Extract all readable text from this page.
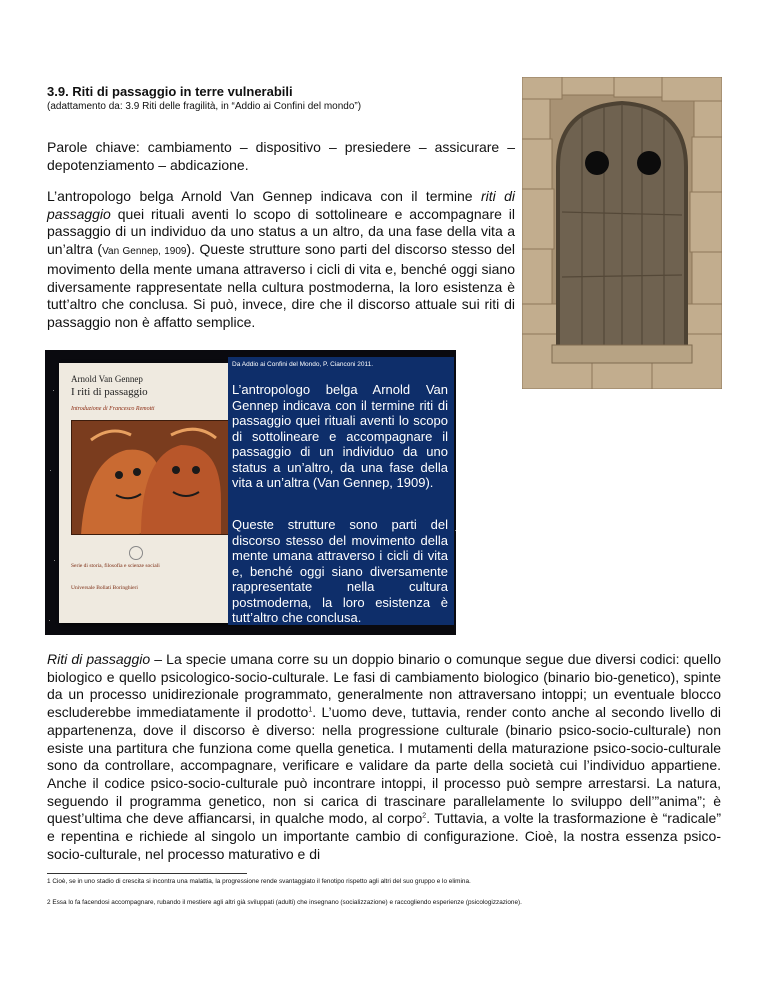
3.9. Riti di passaggio in terre vulnerabili
(adattamento da: 3.9 Riti delle fragilità, in “Addio ai Confini del mondo”)
Parole chiave: cambiamento – dispositivo – presiedere – assicurare – depotenziamento – abdicazione.
L’antropologo belga Arnold Van Gennep indicava con il termine riti di passaggio quei rituali aventi lo scopo di sottolineare e accompagnare il passaggio di un individuo da uno status a un altro, da una fase della vita a un’altra (Van Gennep, 1909). Queste strutture sono parti del discorso stesso del movimento della mente umana attraverso i cicli di vita e, benché oggi siano diversamente rappresentate nella cultura postmoderna, la loro esistenza è tutt’altro che conclusa. Si può, invece, dire che il discorso attuale sui riti di passaggio non è affatto semplice.
Arnold Van Gennep
I riti di passaggio
Introduzione di Francesco Remotti
Serie di storia, filosofia e scienze sociali
Universale Bollati Boringhieri
Da Addio ai Confini del Mondo, P. Cianconi 2011.
L’antropologo belga Arnold Van Gennep indicava con il termine riti di passaggio quei rituali aventi lo scopo di sottolineare e accompagnare il passaggio di un individuo da uno status a un’altro, da una fase della vita a un’altra (Van Gennep, 1909).
Queste strutture sono parti del discorso stesso del movimento della mente umana attraverso i cicli di vita e, benché oggi siano diversamente rappresentate nella cultura postmoderna, la loro esistenza è tutt’altro che conclusa.
Riti di passaggio – La specie umana corre su un doppio binario o comunque segue due diversi codici: quello biologico e quello psicologico-socio-culturale. Le fasi di cambiamento biologico (binario bio-genetico), spinte da un processo unidirezionale programmato, generalmente non attraversano intoppi; un eventuale blocco escluderebbe immediatamente il prodotto$^1$. L’uomo deve, tuttavia, render conto anche al secondo livello di appartenenza, dove il discorso è diverso: nella progressione culturale (binario psico-socio-culturale) non esiste una partitura che funziona come quella genetica. I mutamenti della maturazione psico-socio-culturale sono da controllare, accompagnare, verificare e validare da parte della società cui l’individuo appartiene. Anche il codice psico-socio-culturale può incontrare intoppi, il processo può sempre arrestarsi. La natura, seguendo il programma genetico, non si carica di trascinare parallelamente lo sviluppo dell’”anima”; è quest’ultima che deve affiancarsi, in qualche modo, al corpo$^2$. Tuttavia, a volte la trasformazione è “radicale” e repentina e richiede al singolo un importante cambio di configurazione. Cioè, la nostra essenza psico-socio-culturale, nel processo maturativo e di
1 Cioè, se in uno stadio di crescita si incontra una malattia, la progressione rende svantaggiato il fenotipo rispetto agli altri del suo gruppo e lo elimina.
2 Essa lo fa facendosi accompagnare, rubando il mestiere agli altri già sviluppati (adulti) che insegnano (socializzazione) e raccogliendo esperienze (psicologizzazione).
